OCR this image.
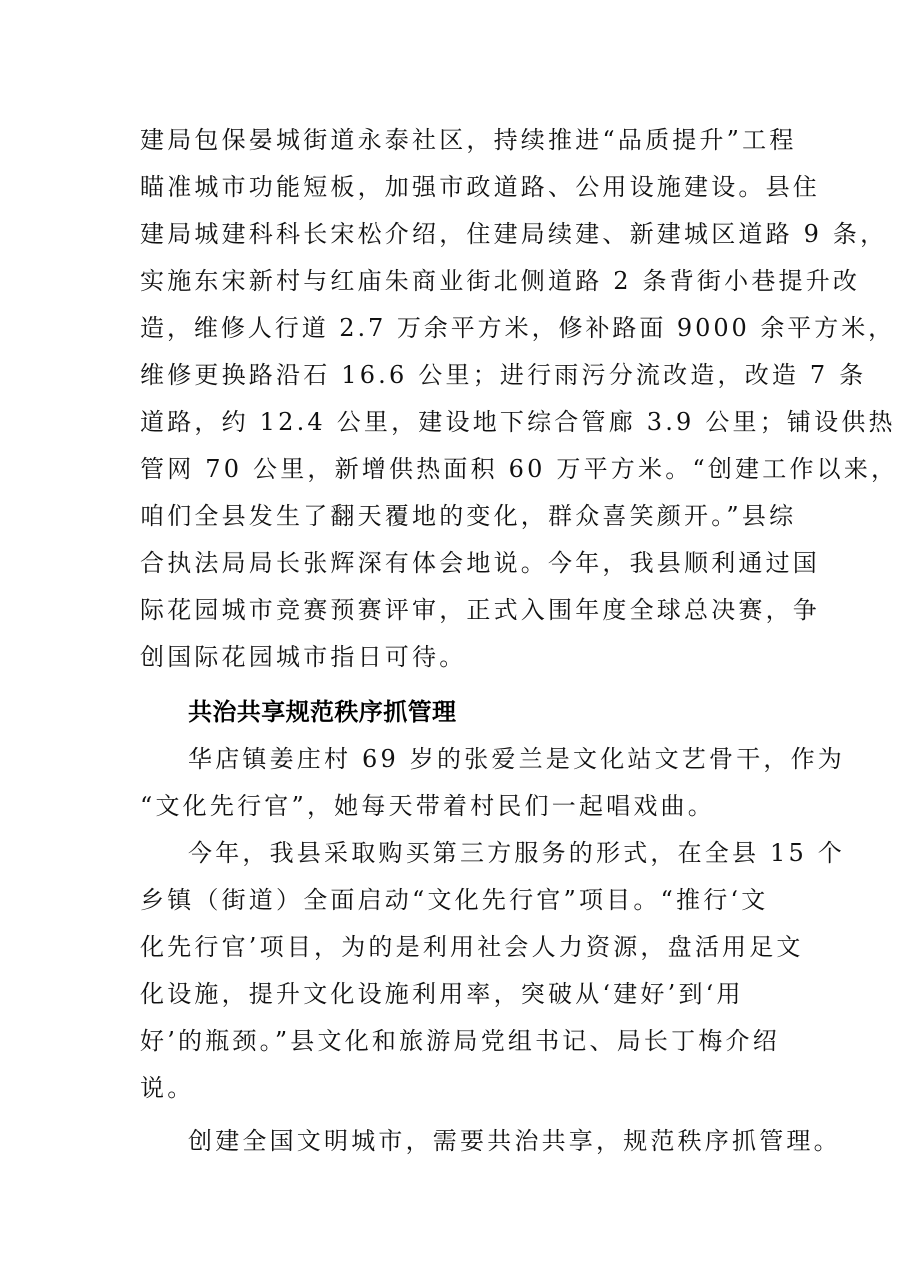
建局包保晏城街道永泰社区，持续推进“品质提升”工程

瞄准城市功能短板，加强市政道路、公用设施建设。县住

建局城建科科长宋松介绍，住建局续建、新建城区道路 9 条，

实施东宋新村与红庙朱商业街北侧道路 2 条背街小巷提升改

造，维修人行道 2.7 万余平方米，修补路面 9000 余平方米，

维修更换路沿石 16.6 公里；进行雨污分流改造，改造 7 条

道路，约 12.4 公里，建设地下综合管廊 3.9 公里；铺设供热

管网 70 公里，新增供热面积 60 万平方米。“创建工作以来，

咱们全县发生了翻天覆地的变化，群众喜笑颜开。”县综

合执法局局长张辉深有体会地说。今年，我县顺利通过国

际花园城市竞赛预赛评审，正式入围年度全球总决赛，争

创国际花园城市指日可待。

共治共享规范秩序抓管理

华店镇姜庄村 69 岁的张爱兰是文化站文艺骨干，作为

“文化先行官”，她每天带着村民们一起唱戏曲。

今年，我县采取购买第三方服务的形式，在全县 15 个

乡镇（街道）全面启动“文化先行官”项目。“推行‘文

化先行官’项目，为的是利用社会人力资源，盘活用足文

化设施，提升文化设施利用率，突破从‘建好’到‘用

好’的瓶颈。”县文化和旅游局党组书记、局长丁梅介绍

说。

创建全国文明城市，需要共治共享，规范秩序抓管理。
